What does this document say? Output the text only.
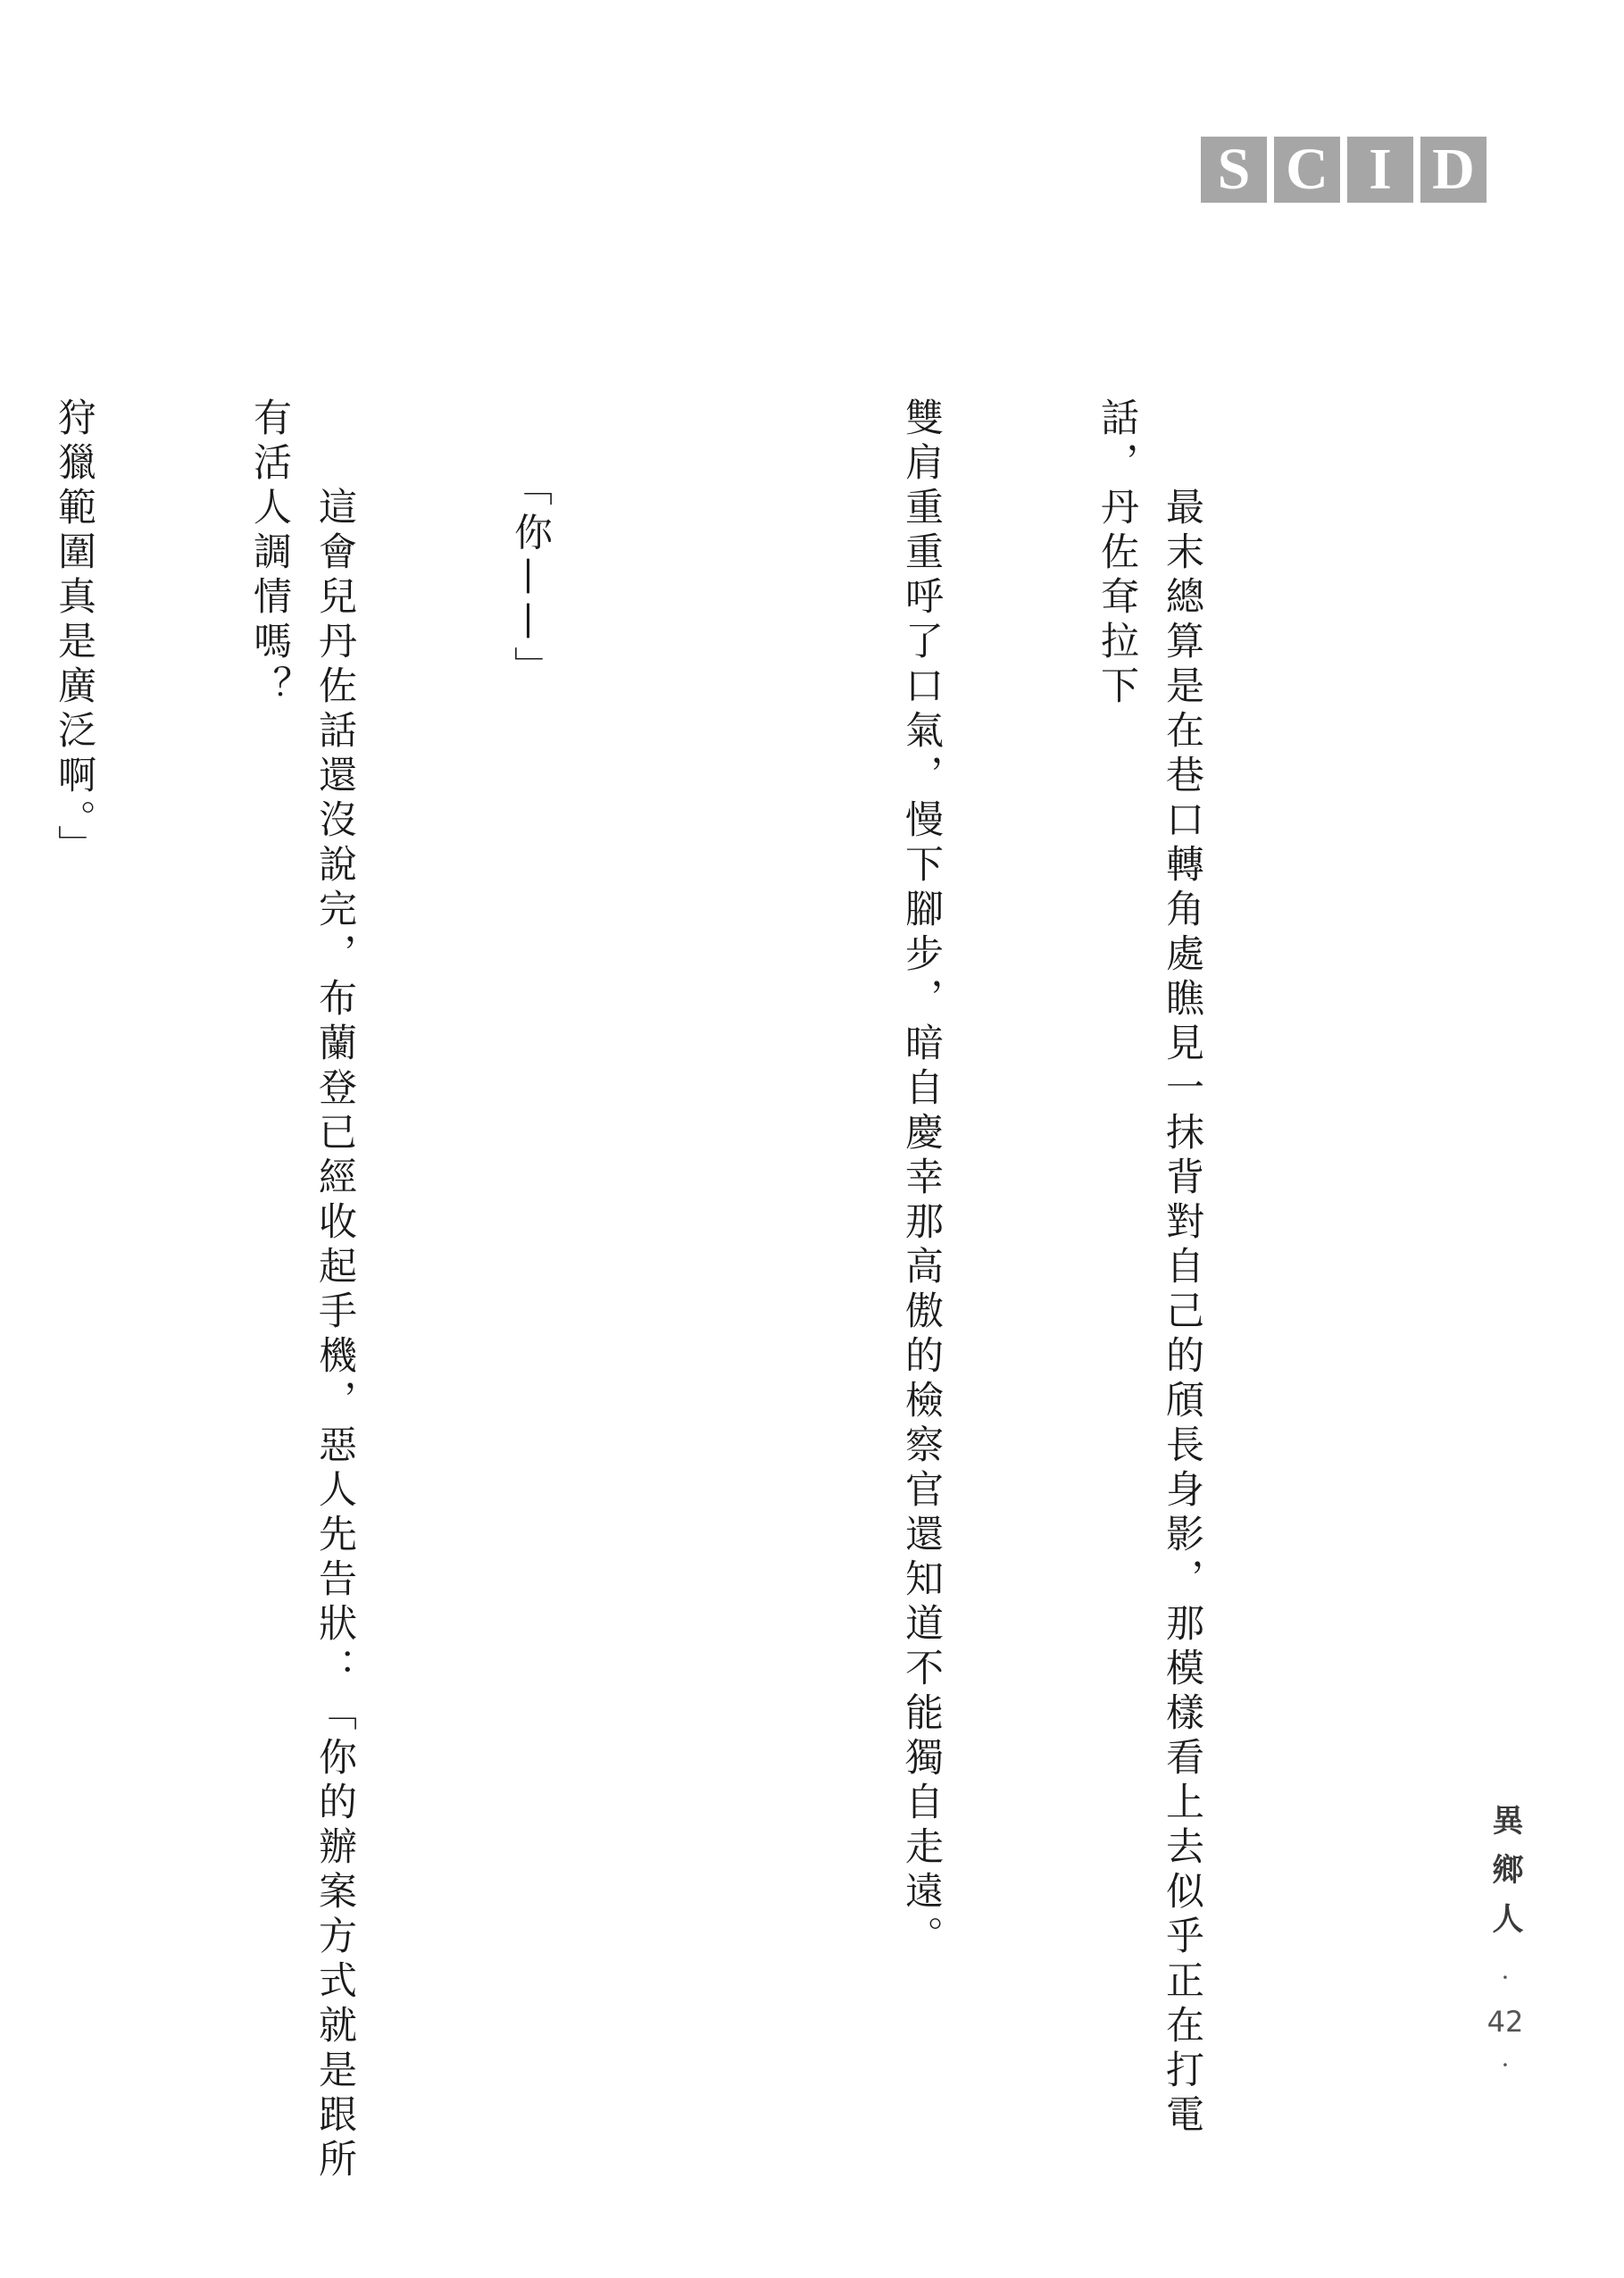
S C I D

　　最末總算是在巷口轉角處瞧見一抹背對自己的頎長身影，那模樣看上去似乎正在打電話，丹佐耷拉下

雙肩重重呼了口氣，慢下腳步，暗自慶幸那高傲的檢察官還知道不能獨自走遠。

　　「你——」

　　這會兒丹佐話還沒說完，布蘭登已經收起手機，惡人先告狀：「你的辦案方式就是跟所有活人調情嗎？

狩獵範圍真是廣泛啊。」

異鄉人
·
42
·
